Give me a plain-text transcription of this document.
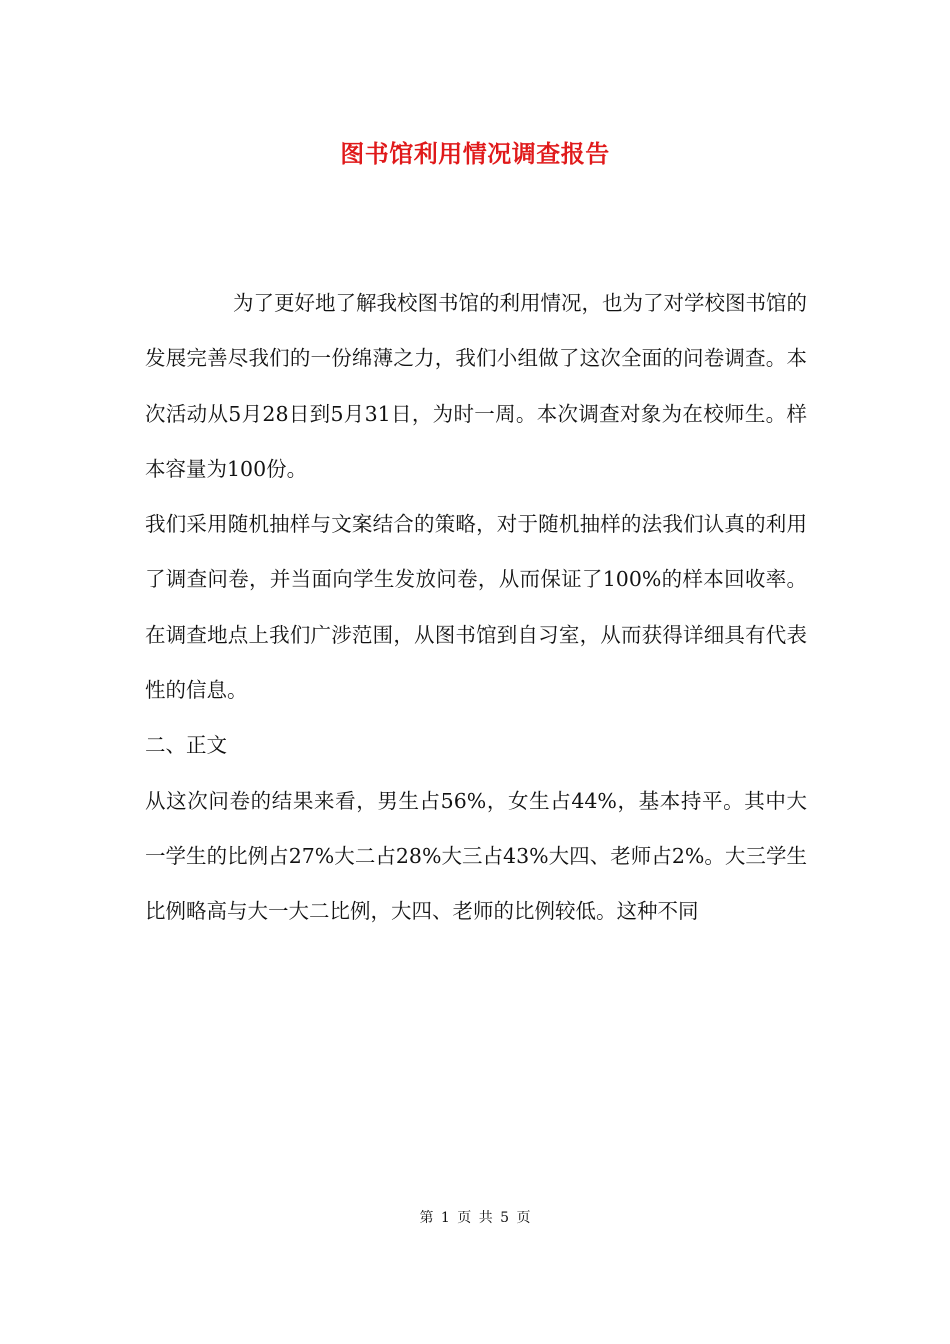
图书馆利用情况调查报告

为了更好地了解我校图书馆的利用情况，也为了对学校图书馆的发展完善尽我们的一份绵薄之力，我们小组做了这次全面的问卷调查。本次活动从5月28日到5月31日，为时一周。本次调查对象为在校师生。样本容量为100份。

我们采用随机抽样与文案结合的策略，对于随机抽样的法我们认真的利用了调查问卷，并当面向学生发放问卷，从而保证了100%的样本回收率。在调查地点上我们广涉范围，从图书馆到自习室，从而获得详细具有代表性的信息。

二、正文

从这次问卷的结果来看，男生占56%，女生占44%，基本持平。其中大一学生的比例占27%大二占28%大三占43%大四、老师占2%。大三学生比例略高与大一大二比例，大四、老师的比例较低。这种不同

第 1 页 共 5 页
